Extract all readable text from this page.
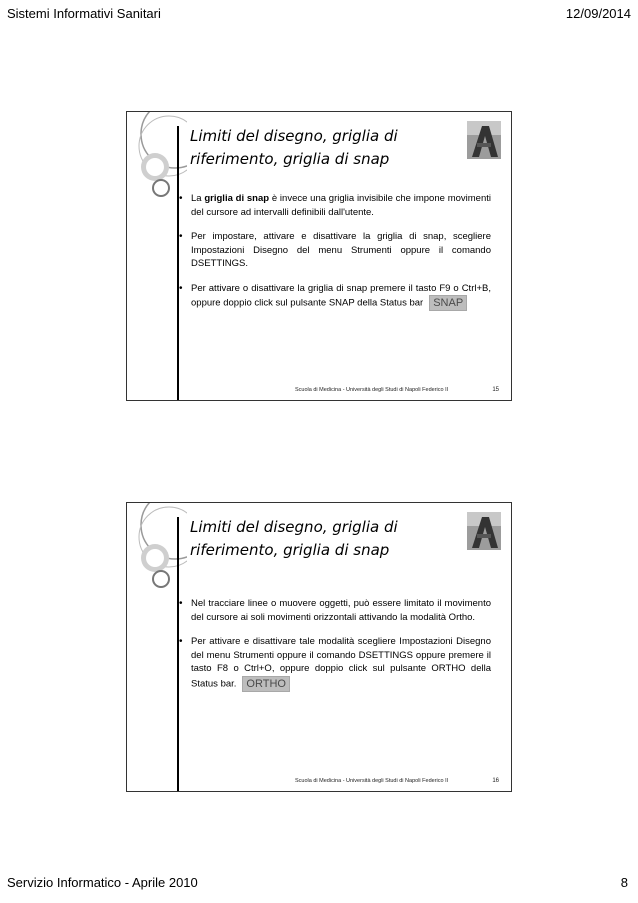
Sistemi Informativi Sanitari	12/09/2014
Limiti del disegno, griglia di
riferimento, griglia di snap
• La griglia di snap è invece una griglia invisibile che impone movimenti del cursore ad intervalli definibili dall'utente.
• Per impostare, attivare e disattivare la griglia di snap, scegliere Impostazioni Disegno del menu Strumenti oppure il comando DSETTINGS.
• Per attivare o disattivare la griglia di snap premere il tasto F9 o Ctrl+B, oppure doppio click sul pulsante SNAP della Status bar SNAP
Scuola di Medicina - Università degli Studi di Napoli Federico II	15
Limiti del disegno, griglia di
riferimento, griglia di snap
• Nel tracciare linee o muovere oggetti, può essere limitato il movimento del cursore ai soli movimenti orizzontali attivando la modalità Ortho.
• Per attivare e disattivare tale modalità scegliere Impostazioni Disegno del menu Strumenti oppure il comando DSETTINGS oppure premere il tasto F8 o Ctrl+O, oppure doppio click sul pulsante ORTHO della Status bar. ORTHO
Scuola di Medicina - Università degli Studi di Napoli Federico II	16
Servizio Informatico - Aprile 2010	8
